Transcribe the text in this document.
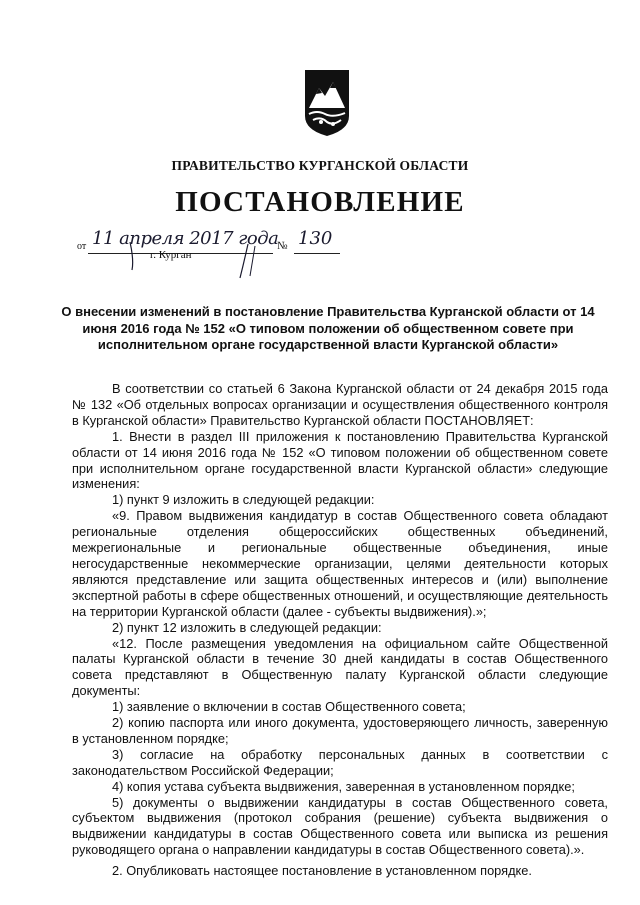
ПРАВИТЕЛЬСТВО КУРГАНСКОЙ ОБЛАСТИ
ПОСТАНОВЛЕНИЕ
от 11 апреля 2017 года
№ 130
г. Курган
О внесении изменений в постановление Правительства Курганской области от 14 июня 2016 года № 152 «О типовом положении об общественном совете при исполнительном органе государственной власти Курганской области»

В соответствии со статьей 6 Закона Курганской области от 24 декабря 2015 года № 132 «Об отдельных вопросах организации и осуществления общественного контроля в Курганской области» Правительство Курганской области ПОСТАНОВЛЯЕТ:

1. Внести в раздел III приложения к постановлению Правительства Курганской области от 14 июня 2016 года № 152 «О типовом положении об общественном совете при исполнительном органе государственной власти Курганской области» следующие изменения:

1) пункт 9 изложить в следующей редакции:

«9. Правом выдвижения кандидатур в состав Общественного совета обладают региональные отделения общероссийских общественных объединений, межрегиональные и региональные общественные объединения, иные негосударственные некоммерческие организации, целями деятельности которых являются представление или защита общественных интересов и (или) выполнение экспертной работы в сфере общественных отношений, и осуществляющие деятельность на территории Курганской области (далее - субъекты выдвижения).»;

2) пункт 12 изложить в следующей редакции:

«12. После размещения уведомления на официальном сайте Общественной палаты Курганской области в течение 30 дней кандидаты в состав Общественного совета представляют в Общественную палату Курганской области следующие документы:

1) заявление о включении в состав Общественного совета;

2) копию паспорта или иного документа, удостоверяющего личность, заверенную в установленном порядке;

3) согласие на обработку персональных данных в соответствии с законодательством Российской Федерации;

4) копия устава субъекта выдвижения, заверенная в установленном порядке;

5) документы о выдвижении кандидатуры в состав Общественного совета, субъектом выдвижения (протокол собрания (решение) субъекта выдвижения о выдвижении кандидатуры в состав Общественного совета или выписка из решения руководящего органа о направлении кандидатуры в состав Общественного совета).».

2. Опубликовать настоящее постановление в установленном порядке.
